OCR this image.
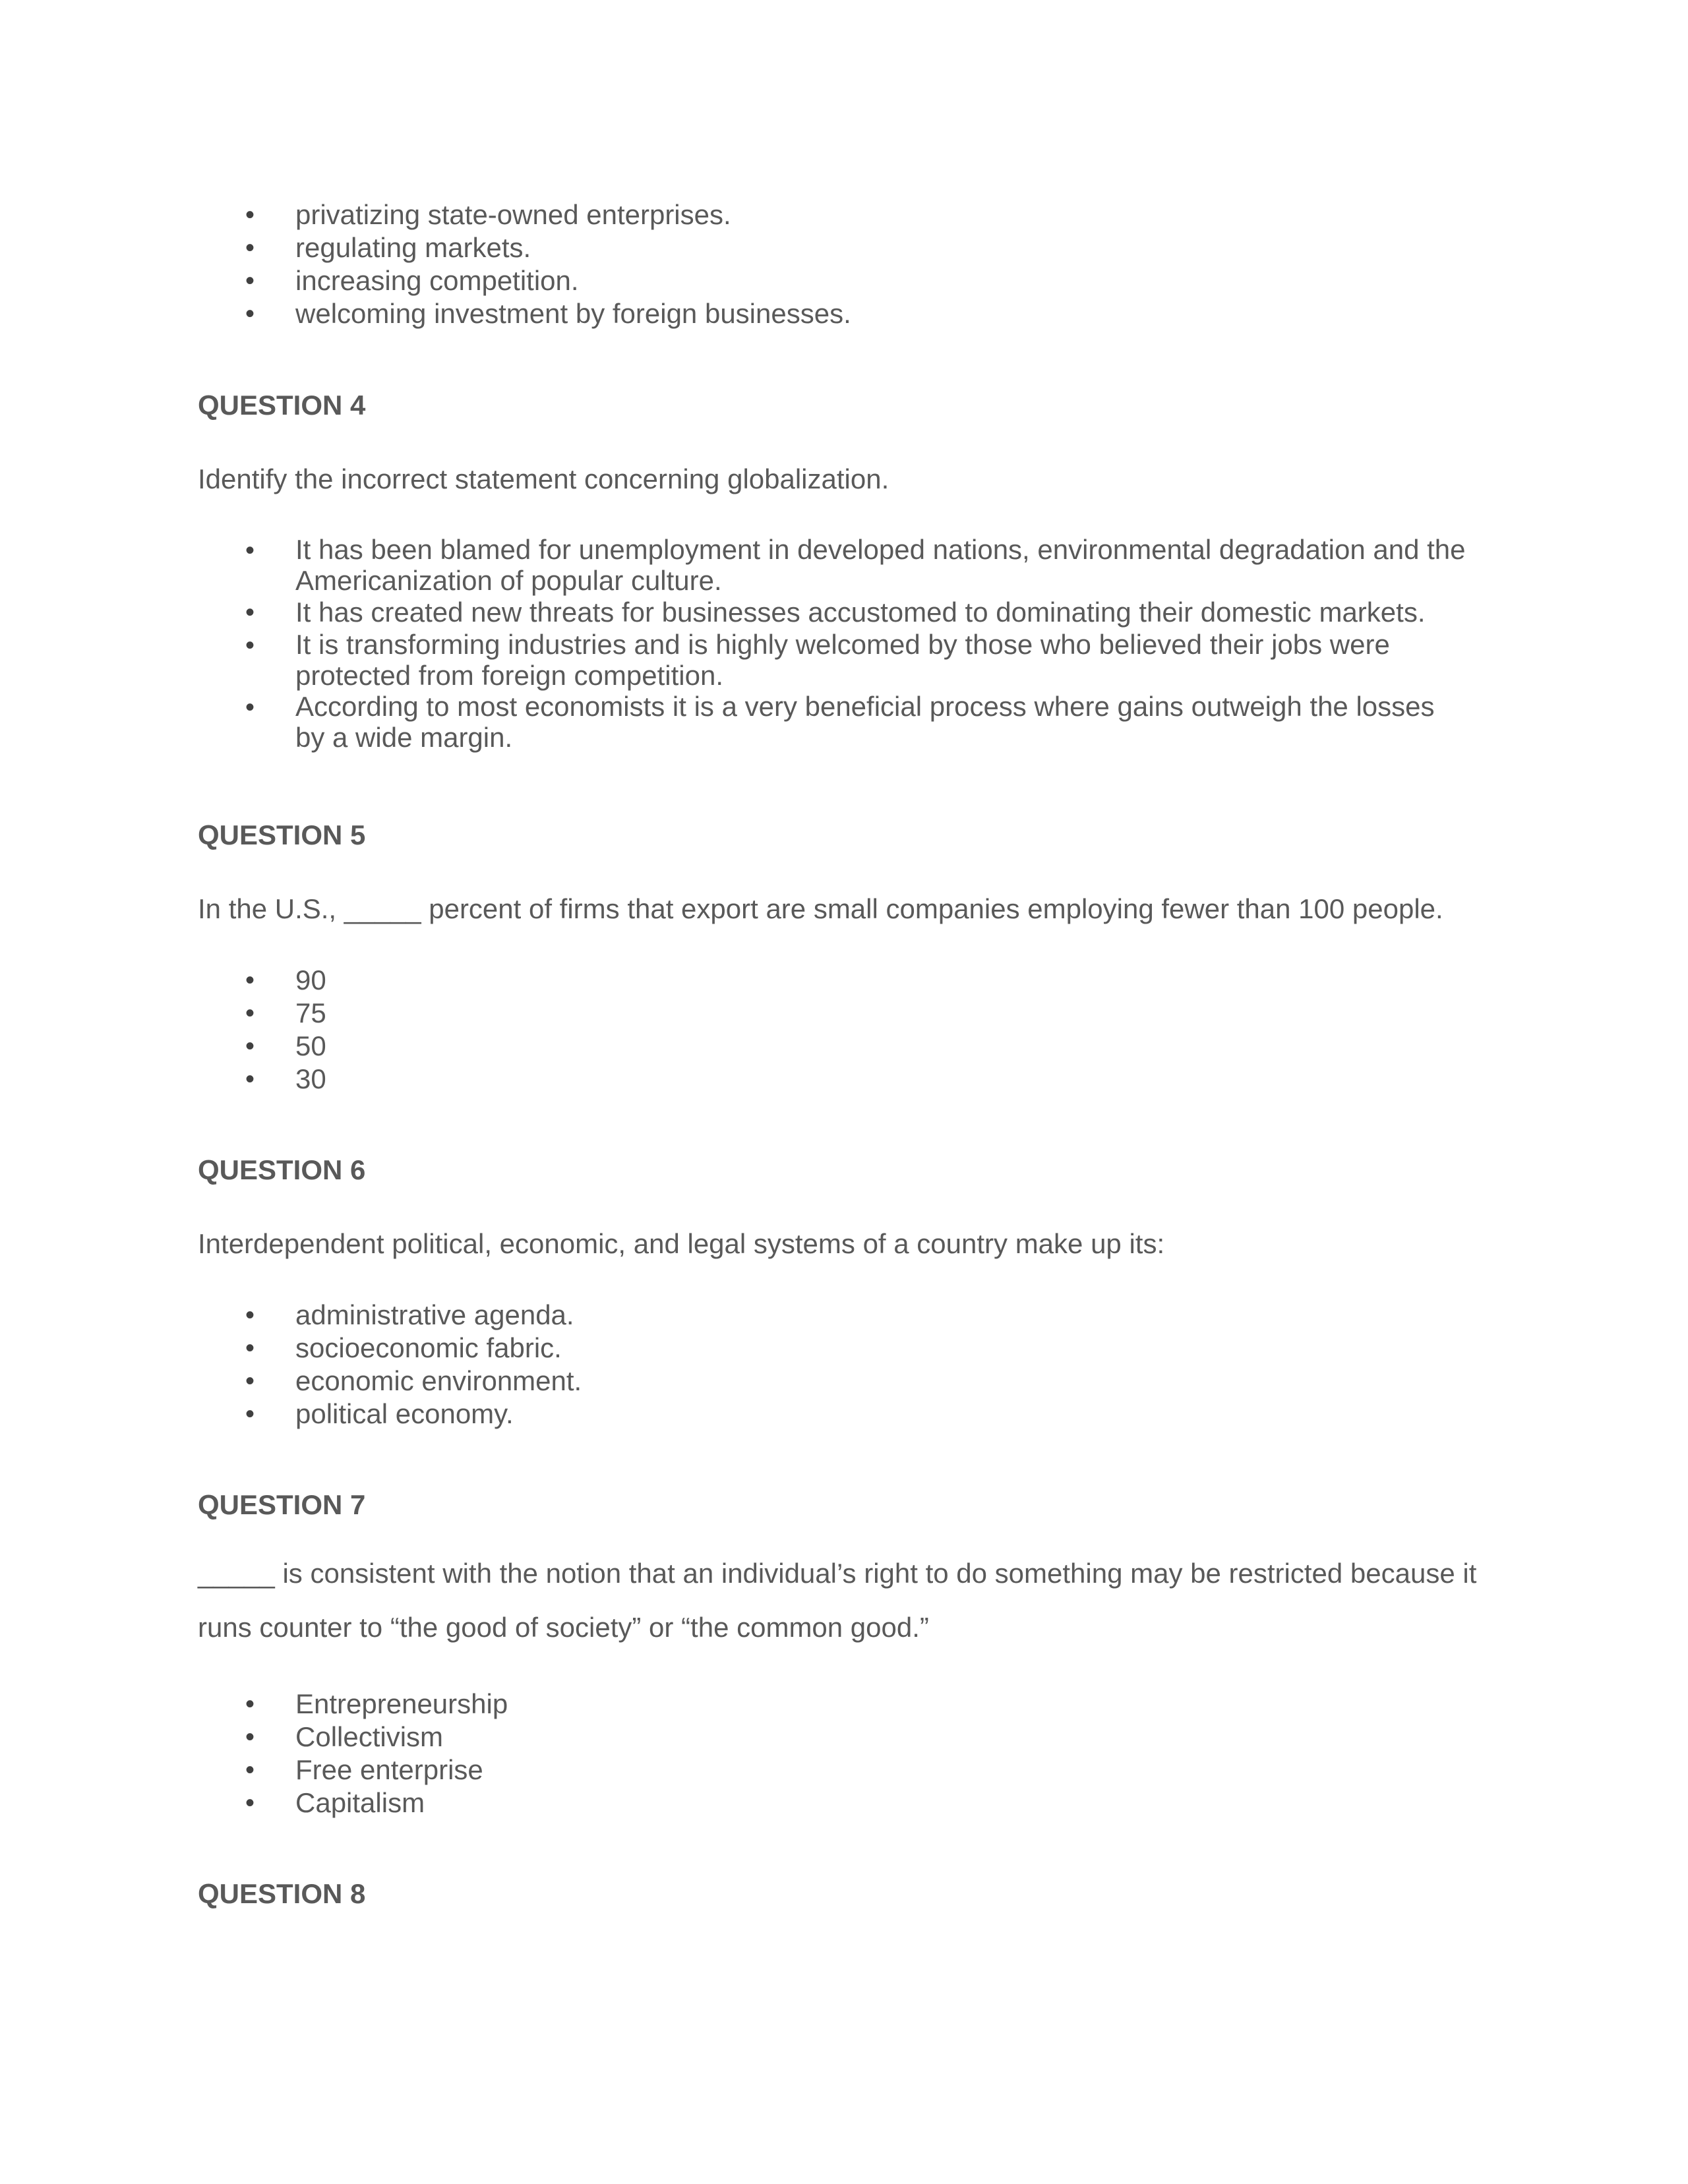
• privatizing state-owned enterprises.
• regulating markets.
• increasing competition.
• welcoming investment by foreign businesses.
QUESTION 4
Identify the incorrect statement concerning globalization.
• It has been blamed for unemployment in developed nations, environmental degradation and the Americanization of popular culture.
• It has created new threats for businesses accustomed to dominating their domestic markets.
• It is transforming industries and is highly welcomed by those who believed their jobs were protected from foreign competition.
• According to most economists it is a very beneficial process where gains outweigh the losses by a wide margin.
QUESTION 5
In the U.S., _____ percent of firms that export are small companies employing fewer than 100 people.
• 90
• 75
• 50
• 30
QUESTION 6
Interdependent political, economic, and legal systems of a country make up its:
• administrative agenda.
• socioeconomic fabric.
• economic environment.
• political economy.
QUESTION 7
_____ is consistent with the notion that an individual’s right to do something may be restricted because it runs counter to “the good of society” or “the common good.”
• Entrepreneurship
• Collectivism
• Free enterprise
• Capitalism
QUESTION 8
